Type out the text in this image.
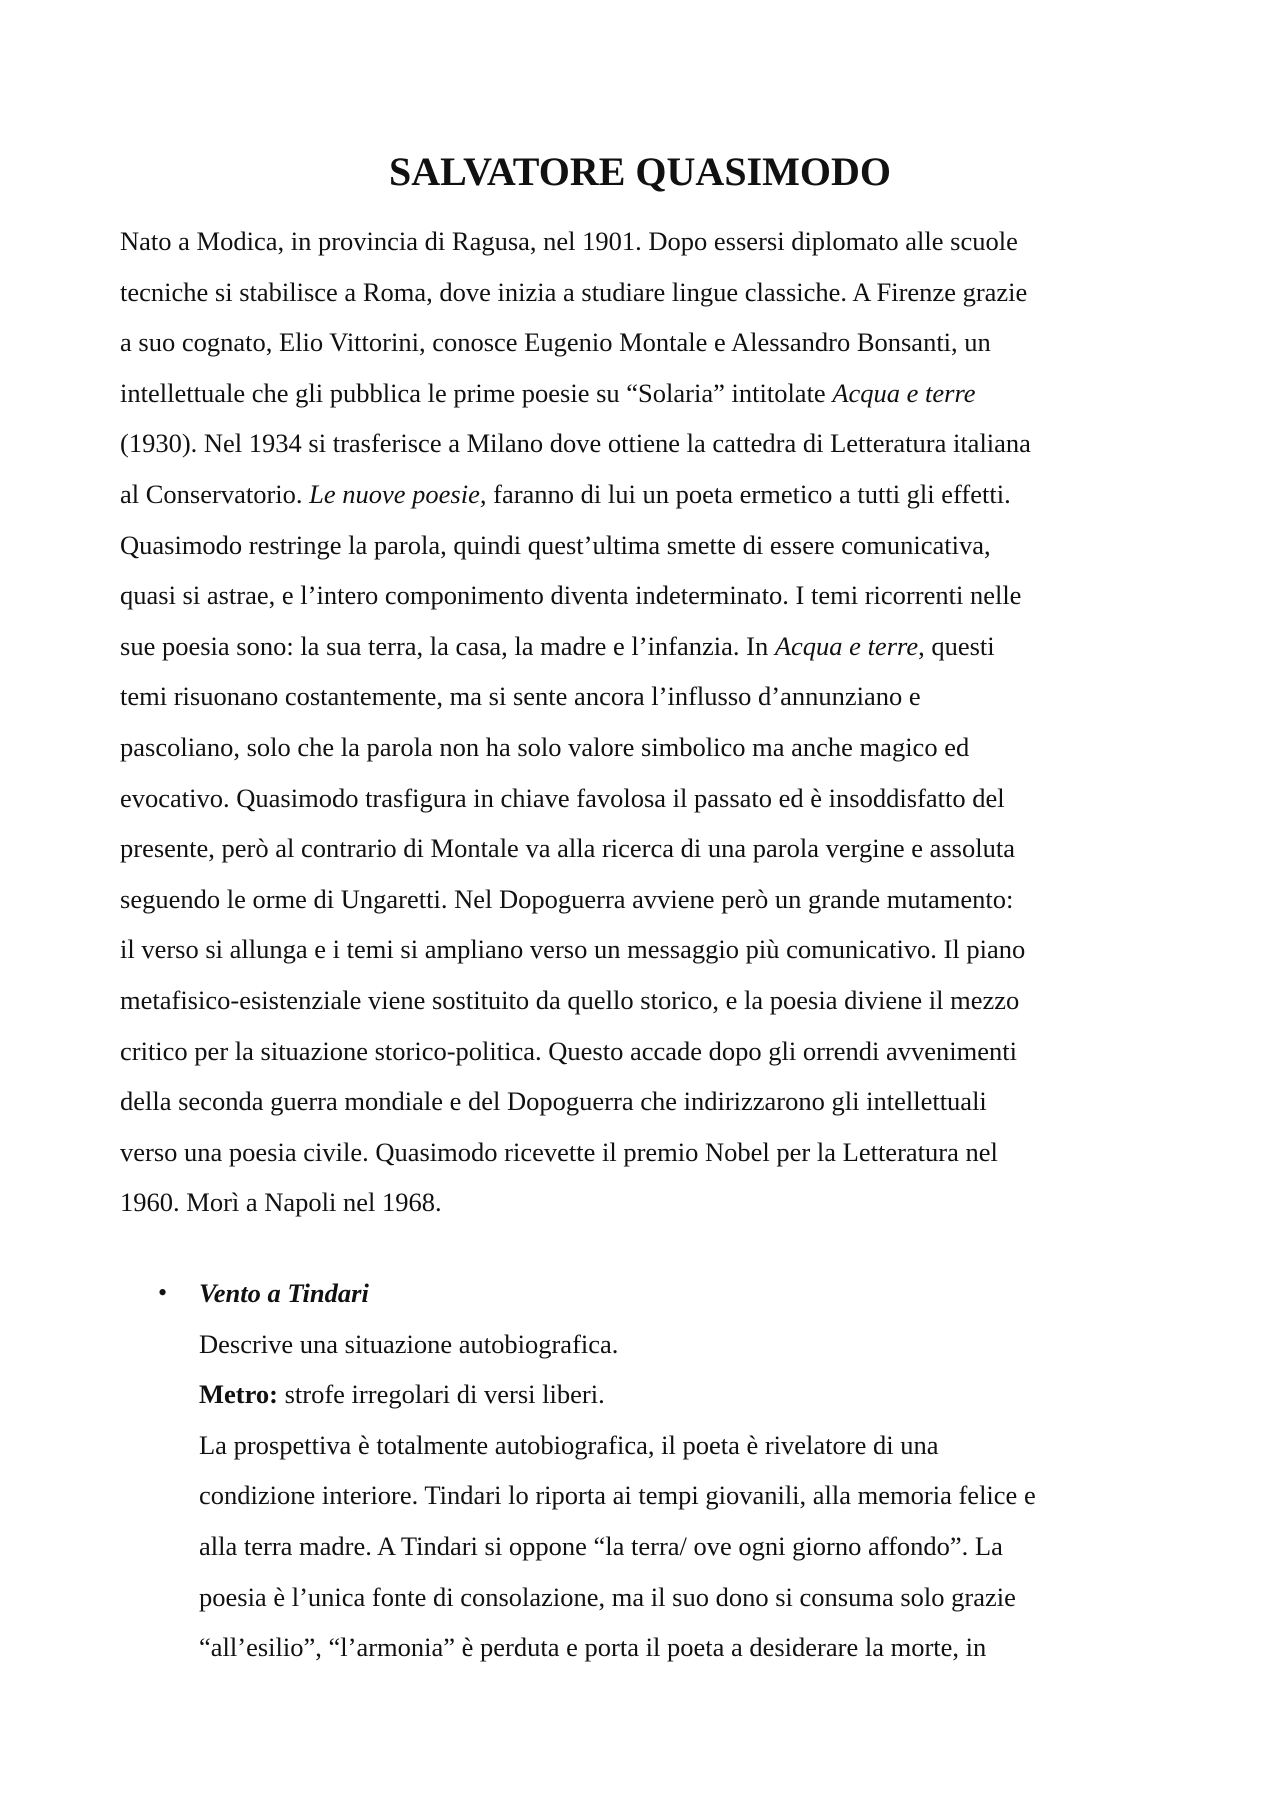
SALVATORE QUASIMODO
Nato a Modica, in provincia di Ragusa, nel 1901. Dopo essersi diplomato alle scuole
tecniche si stabilisce a Roma, dove inizia a studiare lingue classiche. A Firenze grazie
a suo cognato, Elio Vittorini, conosce Eugenio Montale e Alessandro Bonsanti, un
intellettuale che gli pubblica le prime poesie su “Solaria” intitolate Acqua e terre
(1930). Nel 1934 si trasferisce a Milano dove ottiene la cattedra di Letteratura italiana
al Conservatorio. Le nuove poesie, faranno di lui un poeta ermetico a tutti gli effetti.
Quasimodo restringe la parola, quindi quest’ultima smette di essere comunicativa,
quasi si astrae, e l’intero componimento diventa indeterminato. I temi ricorrenti nelle
sue poesia sono: la sua terra, la casa, la madre e l’infanzia. In Acqua e terre, questi
temi risuonano costantemente, ma si sente ancora l’influsso d’annunziano e
pascoliano, solo che la parola non ha solo valore simbolico ma anche magico ed
evocativo. Quasimodo trasfigura in chiave favolosa il passato ed è insoddisfatto del
presente, però al contrario di Montale va alla ricerca di una parola vergine e assoluta
seguendo le orme di Ungaretti. Nel Dopoguerra avviene però un grande mutamento:
il verso si allunga e i temi si ampliano verso un messaggio più comunicativo. Il piano
metafisico-esistenziale viene sostituito da quello storico, e la poesia diviene il mezzo
critico per la situazione storico-politica. Questo accade dopo gli orrendi avvenimenti
della seconda guerra mondiale e del Dopoguerra che indirizzarono gli intellettuali
verso una poesia civile. Quasimodo ricevette il premio Nobel per la Letteratura nel
1960. Morì a Napoli nel 1968.
• Vento a Tindari
Descrive una situazione autobiografica.
Metro: strofe irregolari di versi liberi.
La prospettiva è totalmente autobiografica, il poeta è rivelatore di una
condizione interiore. Tindari lo riporta ai tempi giovanili, alla memoria felice e
alla terra madre. A Tindari si oppone “la terra/ ove ogni giorno affondo”. La
poesia è l’unica fonte di consolazione, ma il suo dono si consuma solo grazie
“all’esilio”, “l’armonia” è perduta e porta il poeta a desiderare la morte, in
